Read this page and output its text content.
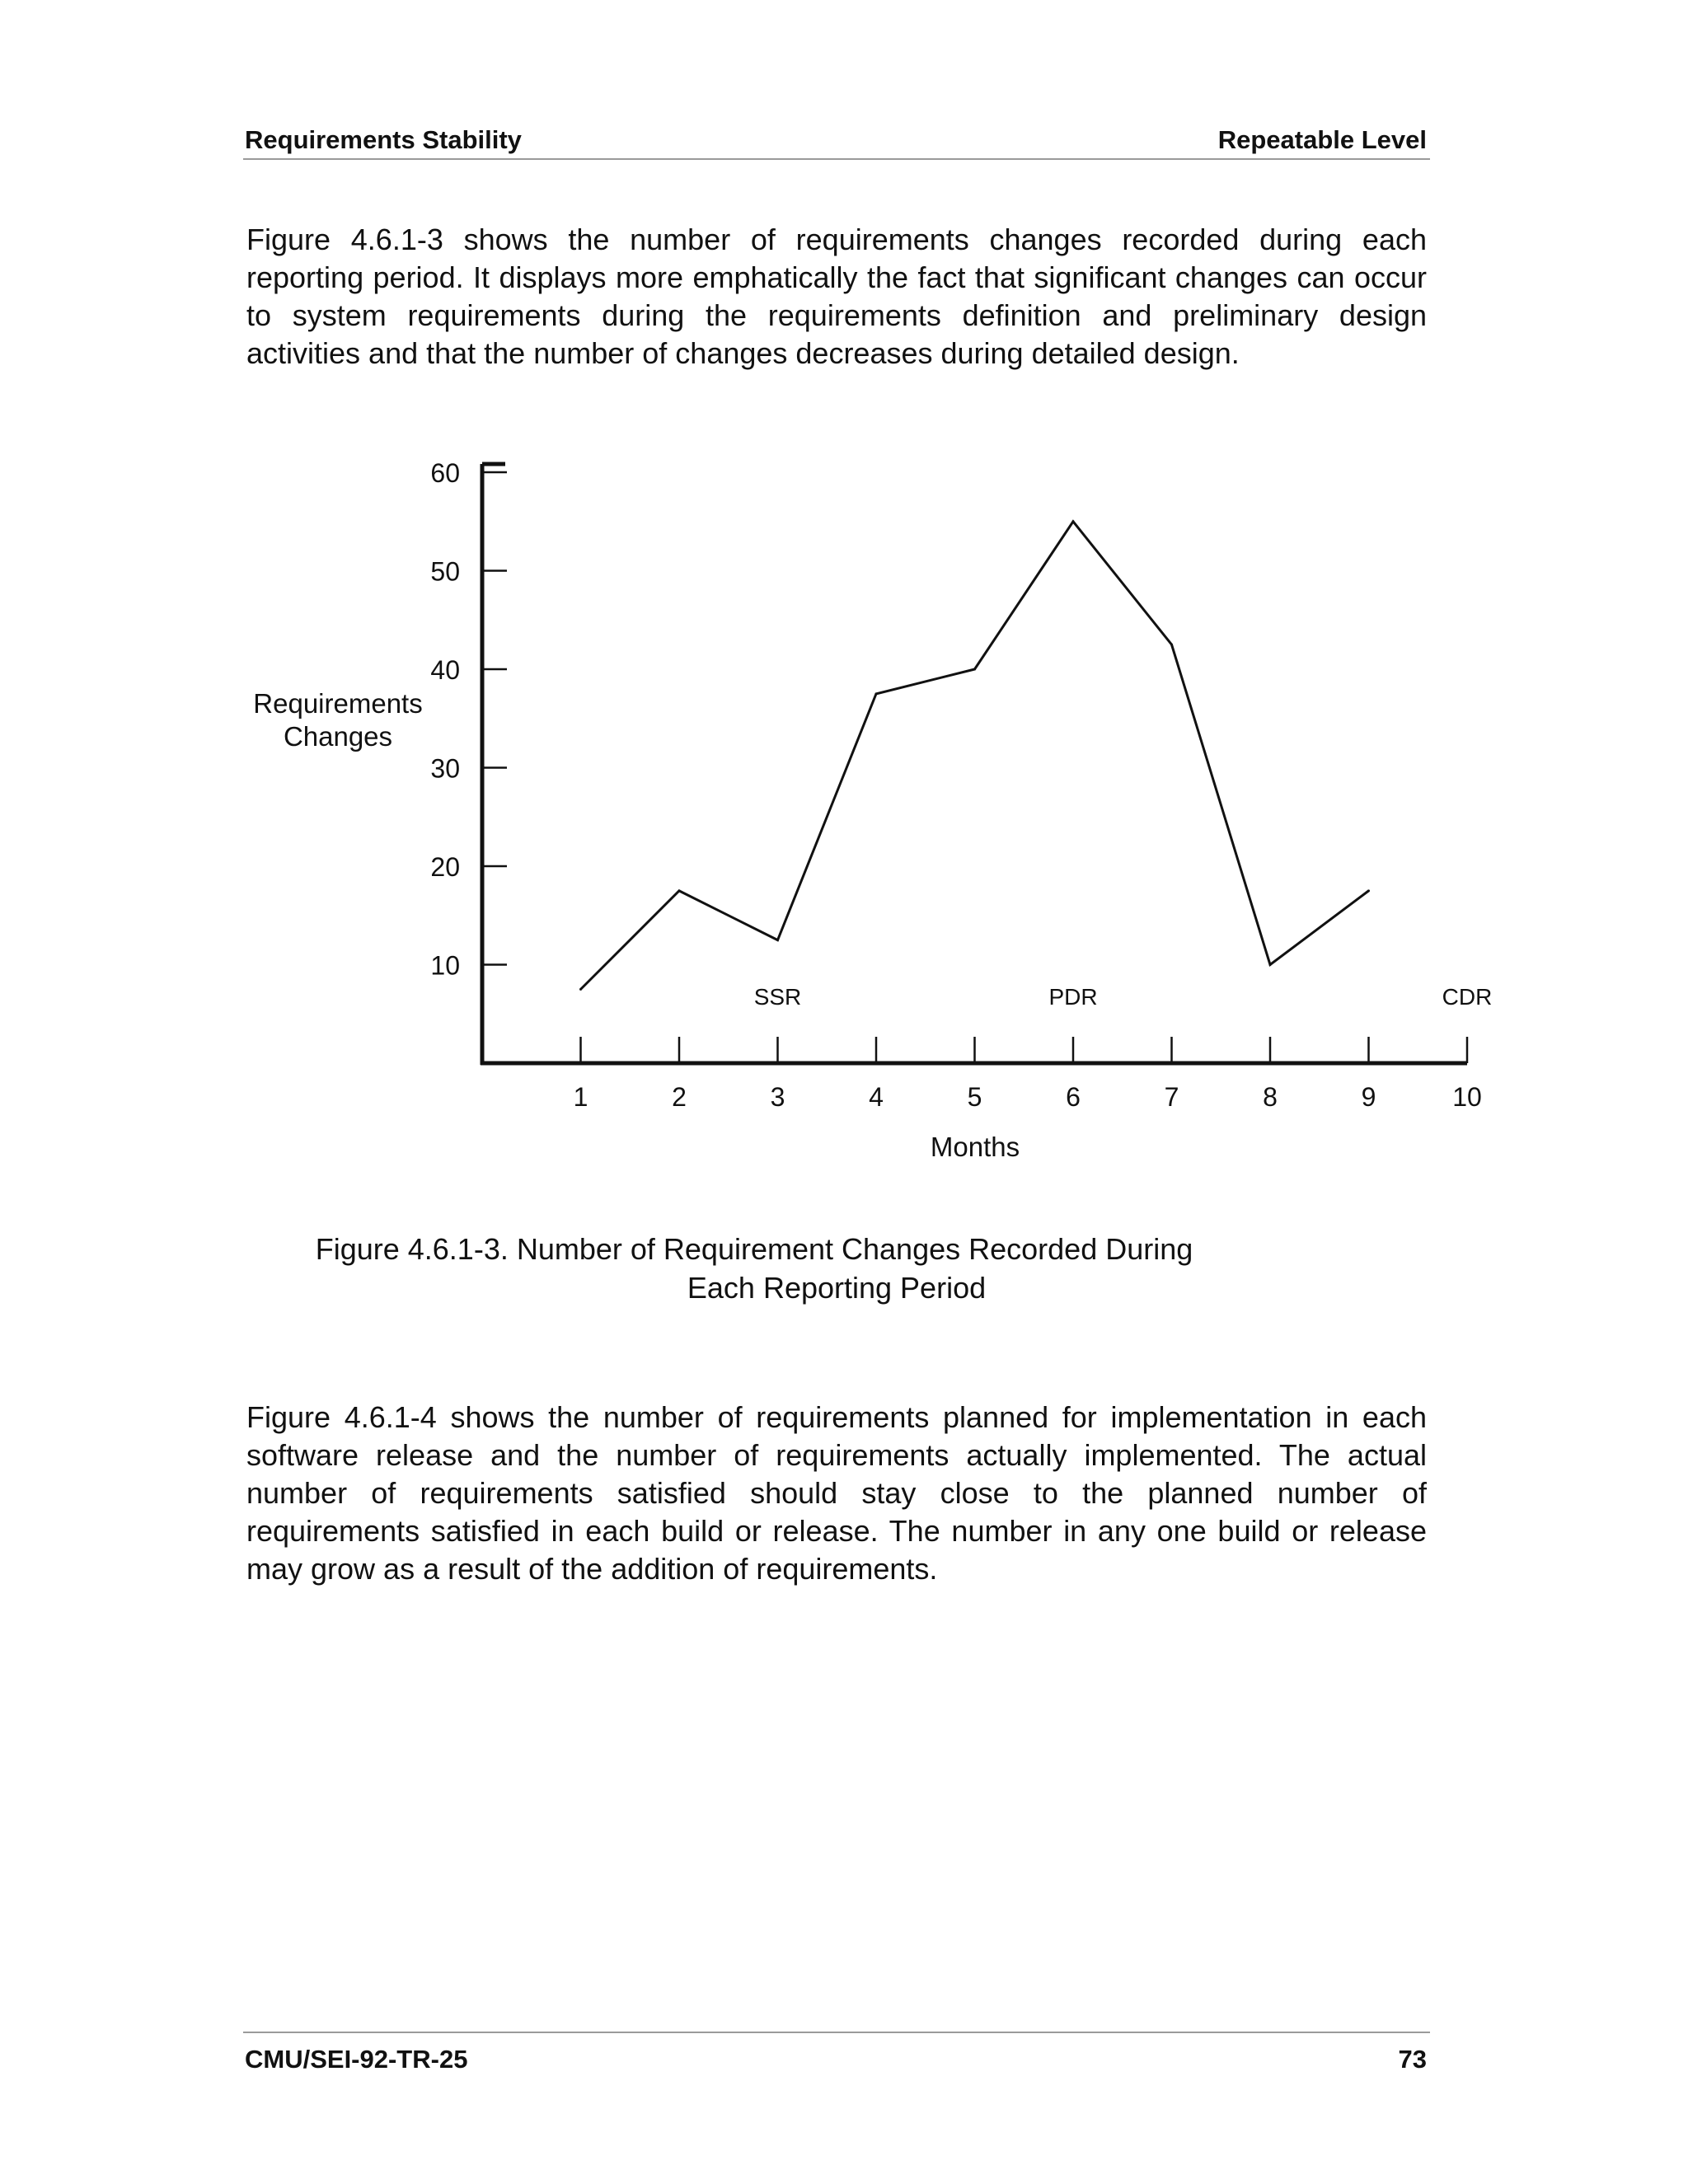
Requirements Stability	Repeatable Level

Figure 4.6.1-3 shows the number of requirements changes recorded during each reporting period. It displays more emphatically the fact that significant changes can occur to system requirements during the requirements definition and preliminary design activities and that the number of changes decreases during detailed design.

10
20
30
40
50
60
1	2	3	4	5	6	7	8	9	10
SSR	PDR	CDR
Requirements Changes
Months
Figure 4.6.1-3. Number of Requirement Changes Recorded During
Each Reporting Period

Figure 4.6.1-4 shows the number of requirements planned for implementation in each software release and the number of requirements actually implemented. The actual number of requirements satisfied should stay close to the planned number of requirements satisfied in each build or release. The number in any one build or release may grow as a result of the addition of requirements.

CMU/SEI-92-TR-25	73
